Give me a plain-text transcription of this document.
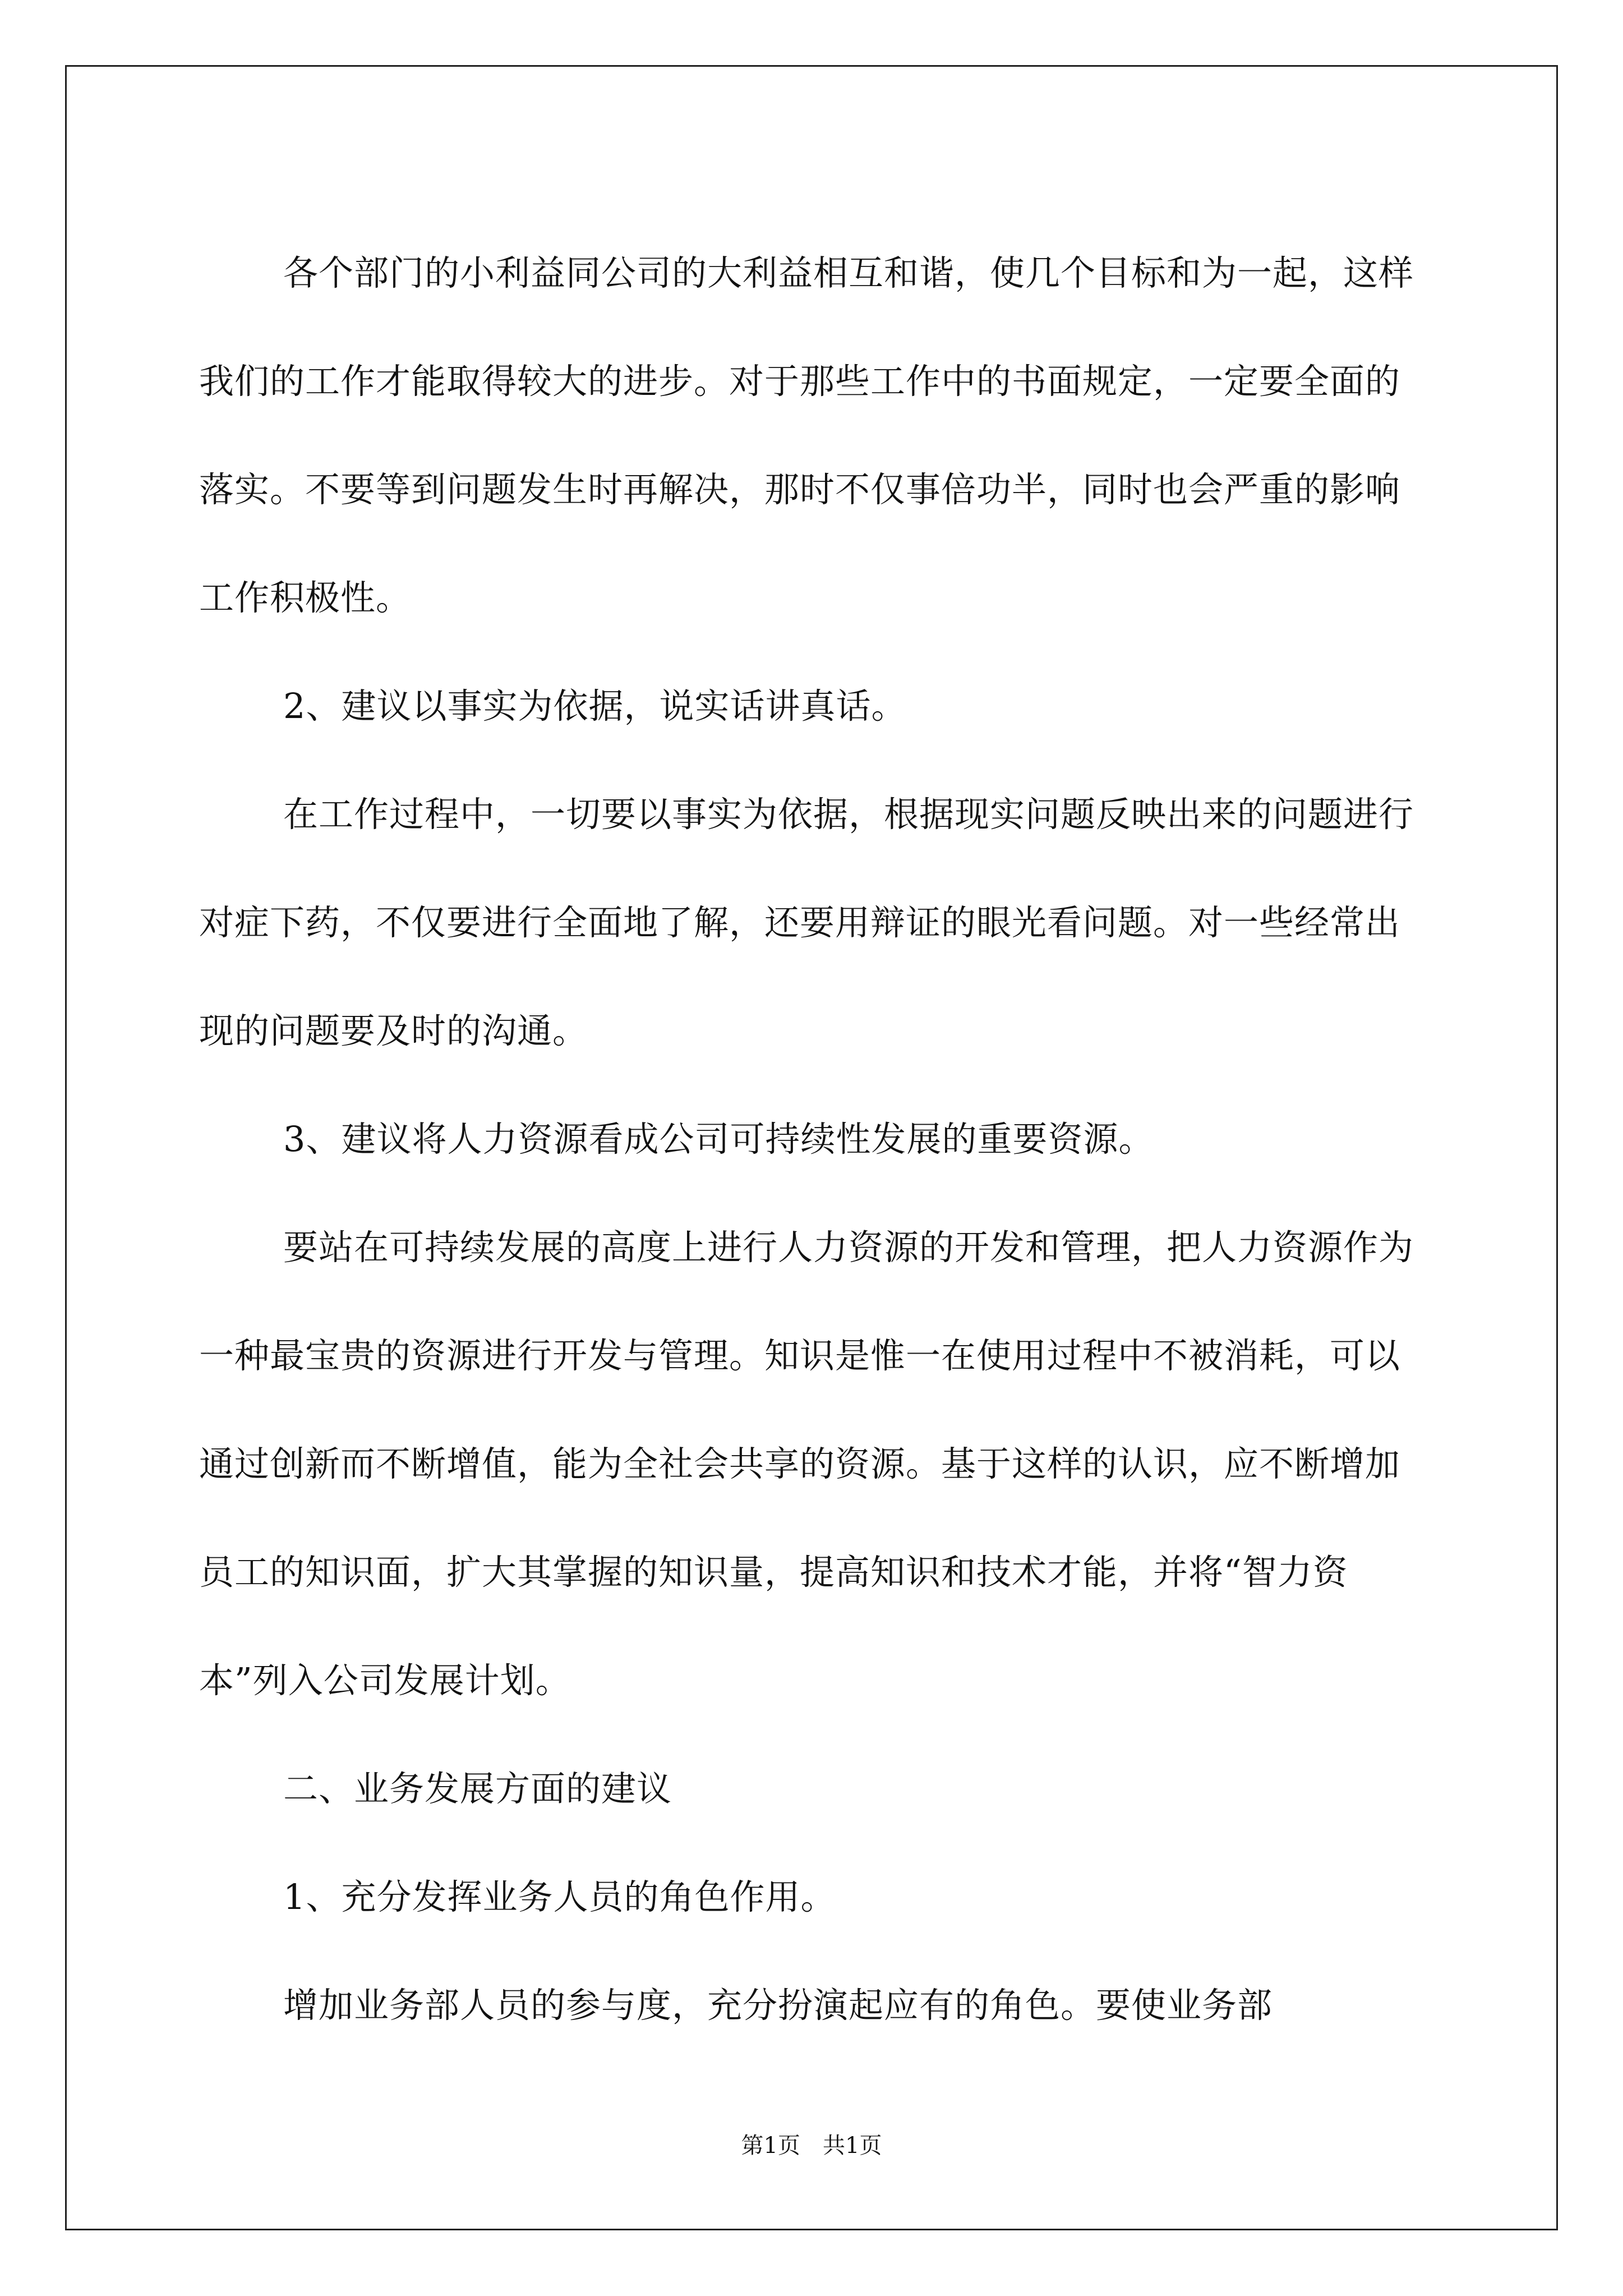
各个部门的小利益同公司的大利益相互和谐，使几个目标和为一起，这样我们的工作才能取得较大的进步。对于那些工作中的书面规定，一定要全面的落实。不要等到问题发生时再解决，那时不仅事倍功半，同时也会严重的影响工作积极性。

2、建议以事实为依据，说实话讲真话。

在工作过程中，一切要以事实为依据，根据现实问题反映出来的问题进行对症下药，不仅要进行全面地了解，还要用辩证的眼光看问题。对一些经常出现的问题要及时的沟通。

3、建议将人力资源看成公司可持续性发展的重要资源。

要站在可持续发展的高度上进行人力资源的开发和管理，把人力资源作为一种最宝贵的资源进行开发与管理。知识是惟一在使用过程中不被消耗，可以通过创新而不断增值，能为全社会共享的资源。基于这样的认识，应不断增加员工的知识面，扩大其掌握的知识量，提高知识和技术才能，并将“智力资本”列入公司发展计划。

二、业务发展方面的建议

1、充分发挥业务人员的角色作用。

增加业务部人员的参与度，充分扮演起应有的角色。要使业务部

第1页　共1页
